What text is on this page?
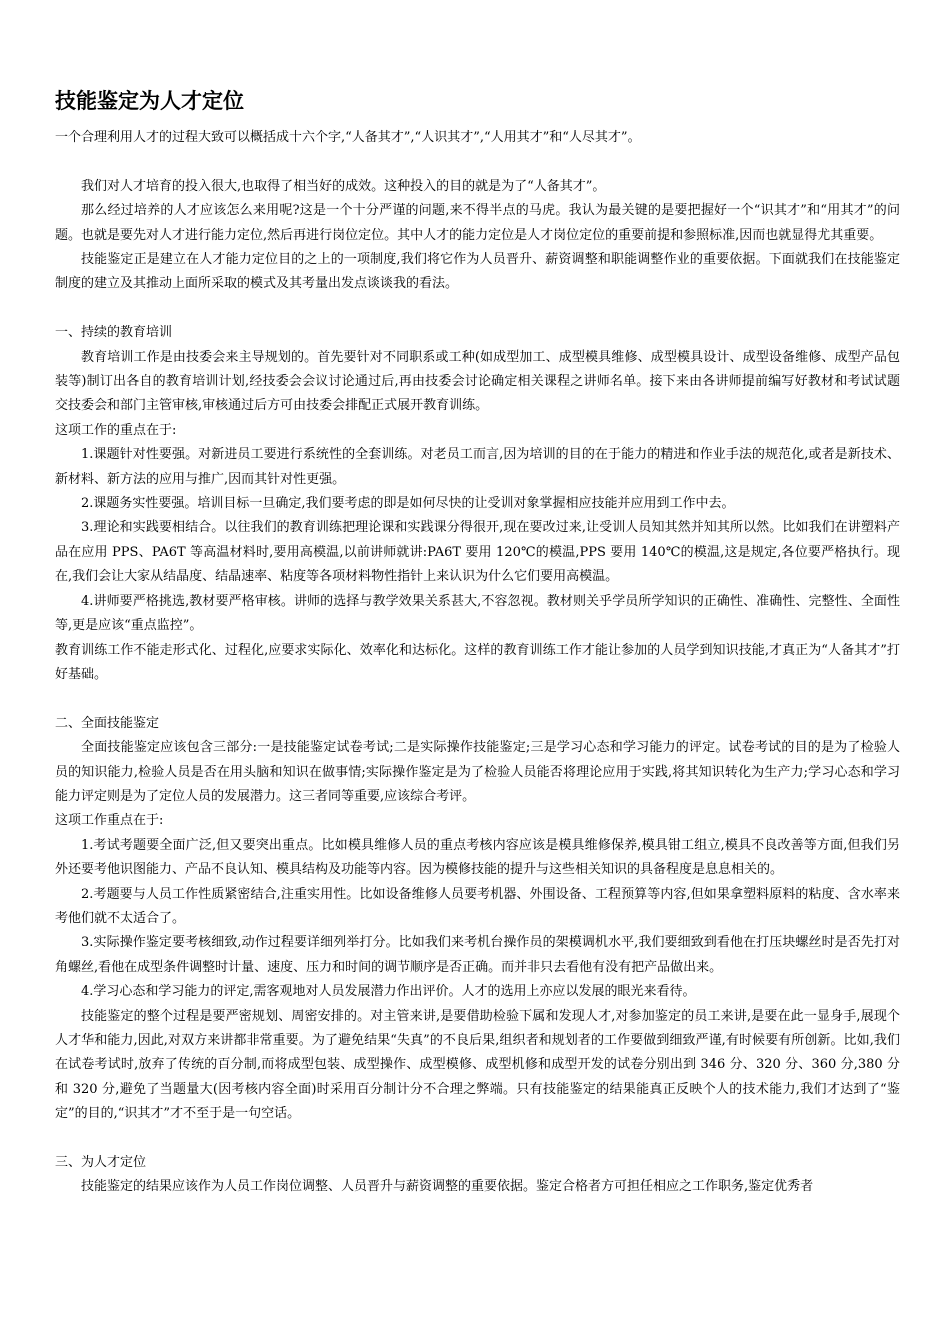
技能鉴定为人才定位

一个合理利用人才的过程大致可以概括成十六个字,“人备其才”,“人识其才”,“人用其才”和“人尽其才”。

我们对人才培育的投入很大,也取得了相当好的成效。这种投入的目的就是为了“人备其才”。

那么经过培养的人才应该怎么来用呢?这是一个十分严谨的问题,来不得半点的马虎。我认为最关键的是要把握好一个“识其才”和“用其才”的问题。也就是要先对人才进行能力定位,然后再进行岗位定位。其中人才的能力定位是人才岗位定位的重要前提和参照标准,因而也就显得尤其重要。

技能鉴定正是建立在人才能力定位目的之上的一项制度,我们将它作为人员晋升、薪资调整和职能调整作业的重要依据。下面就我们在技能鉴定制度的建立及其推动上面所采取的模式及其考量出发点谈谈我的看法。

一、持续的教育培训

教育培训工作是由技委会来主导规划的。首先要针对不同职系或工种(如成型加工、成型模具维修、成型模具设计、成型设备维修、成型产品包装等)制订出各自的教育培训计划,经技委会会议讨论通过后,再由技委会讨论确定相关课程之讲师名单。接下来由各讲师提前编写好教材和考试试题交技委会和部门主管审核,审核通过后方可由技委会排配正式展开教育训练。

这项工作的重点在于:

1.课题针对性要强。对新进员工要进行系统性的全套训练。对老员工而言,因为培训的目的在于能力的精进和作业手法的规范化,或者是新技术、新材料、新方法的应用与推广,因而其针对性更强。

2.课题务实性要强。培训目标一旦确定,我们要考虑的即是如何尽快的让受训对象掌握相应技能并应用到工作中去。

3.理论和实践要相结合。以往我们的教育训练把理论课和实践课分得很开,现在要改过来,让受训人员知其然并知其所以然。比如我们在讲塑料产品在应用 PPS、PA6T 等高温材料时,要用高模温,以前讲师就讲:PA6T 要用 120℃的模温,PPS 要用 140℃的模温,这是规定,各位要严格执行。现在,我们会让大家从结晶度、结晶速率、粘度等各项材料物性指针上来认识为什么它们要用高模温。

4.讲师要严格挑选,教材要严格审核。讲师的选择与教学效果关系甚大,不容忽视。教材则关乎学员所学知识的正确性、准确性、完整性、全面性等,更是应该“重点监控”。

教育训练工作不能走形式化、过程化,应要求实际化、效率化和达标化。这样的教育训练工作才能让参加的人员学到知识技能,才真正为“人备其才”打好基础。

二、全面技能鉴定

全面技能鉴定应该包含三部分:一是技能鉴定试卷考试;二是实际操作技能鉴定;三是学习心态和学习能力的评定。试卷考试的目的是为了检验人员的知识能力,检验人员是否在用头脑和知识在做事情;实际操作鉴定是为了检验人员能否将理论应用于实践,将其知识转化为生产力;学习心态和学习能力评定则是为了定位人员的发展潜力。这三者同等重要,应该综合考评。

这项工作重点在于:

1.考试考题要全面广泛,但又要突出重点。比如模具维修人员的重点考核内容应该是模具维修保养,模具钳工组立,模具不良改善等方面,但我们另外还要考他识图能力、产品不良认知、模具结构及功能等内容。因为模修技能的提升与这些相关知识的具备程度是息息相关的。

2.考题要与人员工作性质紧密结合,注重实用性。比如设备维修人员要考机器、外围设备、工程预算等内容,但如果拿塑料原料的粘度、含水率来考他们就不太适合了。

3.实际操作鉴定要考核细致,动作过程要详细列举打分。比如我们来考机台操作员的架模调机水平,我们要细致到看他在打压块螺丝时是否先打对角螺丝,看他在成型条件调整时计量、速度、压力和时间的调节顺序是否正确。而并非只去看他有没有把产品做出来。

4.学习心态和学习能力的评定,需客观地对人员发展潜力作出评价。人才的选用上亦应以发展的眼光来看待。

技能鉴定的整个过程是要严密规划、周密安排的。对主管来讲,是要借助检验下属和发现人才,对参加鉴定的员工来讲,是要在此一显身手,展现个人才华和能力,因此,对双方来讲都非常重要。为了避免结果“失真”的不良后果,组织者和规划者的工作要做到细致严谨,有时候要有所创新。比如,我们在试卷考试时,放弃了传统的百分制,而将成型包装、成型操作、成型模修、成型机修和成型开发的试卷分别出到 346 分、320 分、360 分,380 分和 320 分,避免了当题量大(因考核内容全面)时采用百分制计分不合理之弊端。只有技能鉴定的结果能真正反映个人的技术能力,我们才达到了“鉴定”的目的,“识其才”才不至于是一句空话。

三、为人才定位

技能鉴定的结果应该作为人员工作岗位调整、人员晋升与薪资调整的重要依据。鉴定合格者方可担任相应之工作职务,鉴定优秀者
